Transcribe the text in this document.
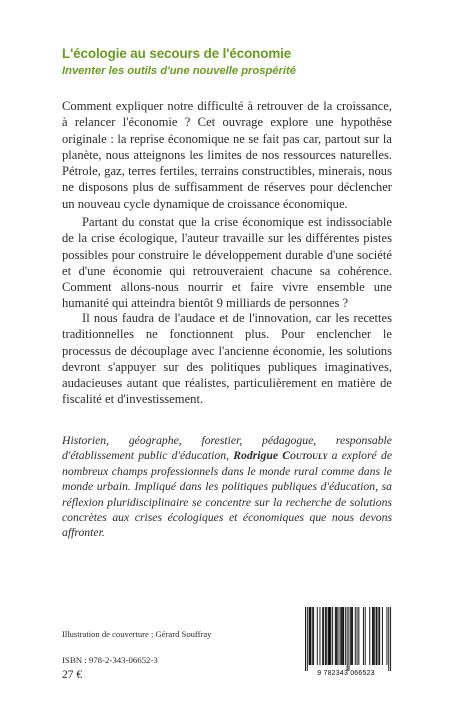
L'écologie au secours de l'économie
Inventer les outils d'une nouvelle prospérité

Comment expliquer notre difficulté à retrouver de la croissance, à relancer l'économie ? Cet ouvrage explore une hypothèse originale : la reprise économique ne se fait pas car, partout sur la planète, nous atteignons les limites de nos ressources naturelles. Pétrole, gaz, terres fertiles, terrains constructibles, minerais, nous ne disposons plus de suffisamment de réserves pour déclencher un nouveau cycle dynamique de croissance économique.

Partant du constat que la crise économique est indissociable de la crise écologique, l'auteur travaille sur les différentes pistes possibles pour construire le développement durable d'une société et d'une économie qui retrouveraient chacune sa cohérence. Comment allons-nous nourrir et faire vivre ensemble une humanité qui atteindra bientôt 9 milliards de personnes ?

Il nous faudra de l'audace et de l'innovation, car les recettes traditionnelles ne fonctionnent plus. Pour enclencher le processus de découplage avec l'ancienne économie, les solutions devront s'appuyer sur des politiques publiques imaginatives, audacieuses autant que réalistes, particulièrement en matière de fiscalité et d'investissement.

Historien, géographe, forestier, pédagogue, responsable d'établissement public d'éducation, Rodrigue Coutouly a exploré de nombreux champs professionnels dans le monde rural comme dans le monde urbain. Impliqué dans les politiques publiques d'éducation, sa réflexion pluridisciplinaire se concentre sur la recherche de solutions concrètes aux crises écologiques et économiques que nous devons affronter.

Illustration de couverture : Gérard Souffray
ISBN : 978-2-343-06652-3
27 €	9 782343 066523
